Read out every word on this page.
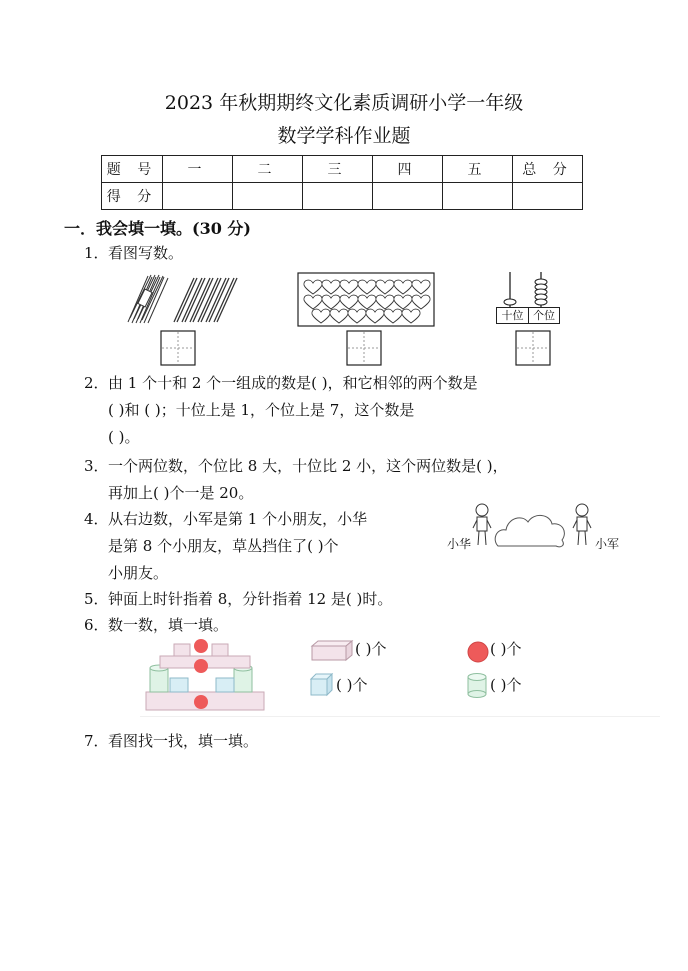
2023 年秋期期终文化素质调研小学一年级
数学学科作业题
题 号	一	二	三	四	五	总 分
得 分						
一．我会填一填。(30 分)
1．看图写数。
十位 个位
2．由 1 个十和 2 个一组成的数是( )，和它相邻的两个数是
( )和 ( )；十位上是 1，个位上是 7，这个数是
( )。
3．一个两位数，个位比 8 大，十位比 2 小，这个两位数是( )，
再加上( )个一是 20。
4．从右边数，小军是第 1 个小朋友，小华
是第 8 个小朋友，草丛挡住了( )个
小朋友。
小华	小军
5．钟面上时针指着 8，分针指着 12 是( )时。
6．数一数，填一填。
( )个	( )个
( )个	( )个
7．看图找一找，填一填。
